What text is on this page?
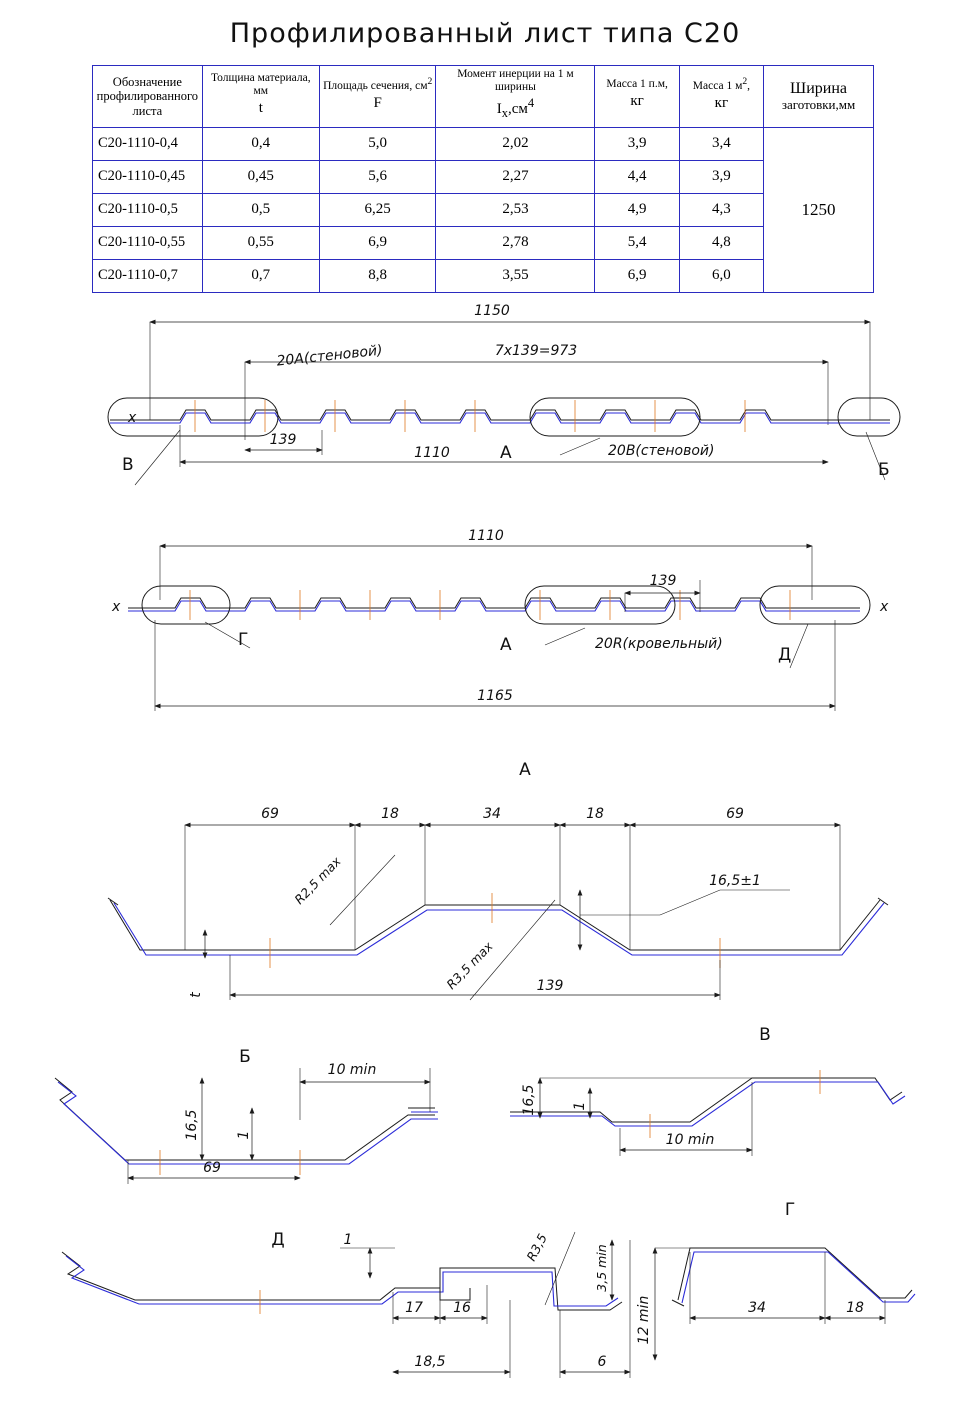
Профилированный лист типа С20
Обозначение
профилированного
листа	Толщина материала, мм
t
	Площадь сечения, $см^2$
F
	Момент инерции на 1 м ширины
$I_x,см^4$
	Масса 1 п.м,
кг
	Масса 1 $м^2$,
кг

Ширина
заготовки,мм

С20-1110-0,4	0,4	5,0	2,02	3,9	3,4	1250
С20-1110-0,45	0,45	5,6	2,27	4,4	3,9	
С20-1110-0,5	0,5	6,25	2,53	4,9	4,3	
С20-1110-0,55	0,55	6,9	2,78	5,4	4,8	
С20-1110-0,7	0,7	8,8	3,55	6,9	6,0	
1150
7x139=973
20А(стеновой)
x
139
1110
В	Б
А	20В(стеновой)
1110
x	x
139
1165
Г	А	20R(кровельный)
Д
А
69	18	34	18	69
t
R2,5 max
R3,5 max
16,5±1
139
Б
10 min
16,5	1
69
В
16,5	1
10 min
Д	1
17 16
18,5	6
R3,5	3,5 min
Г
12 min	34	18
